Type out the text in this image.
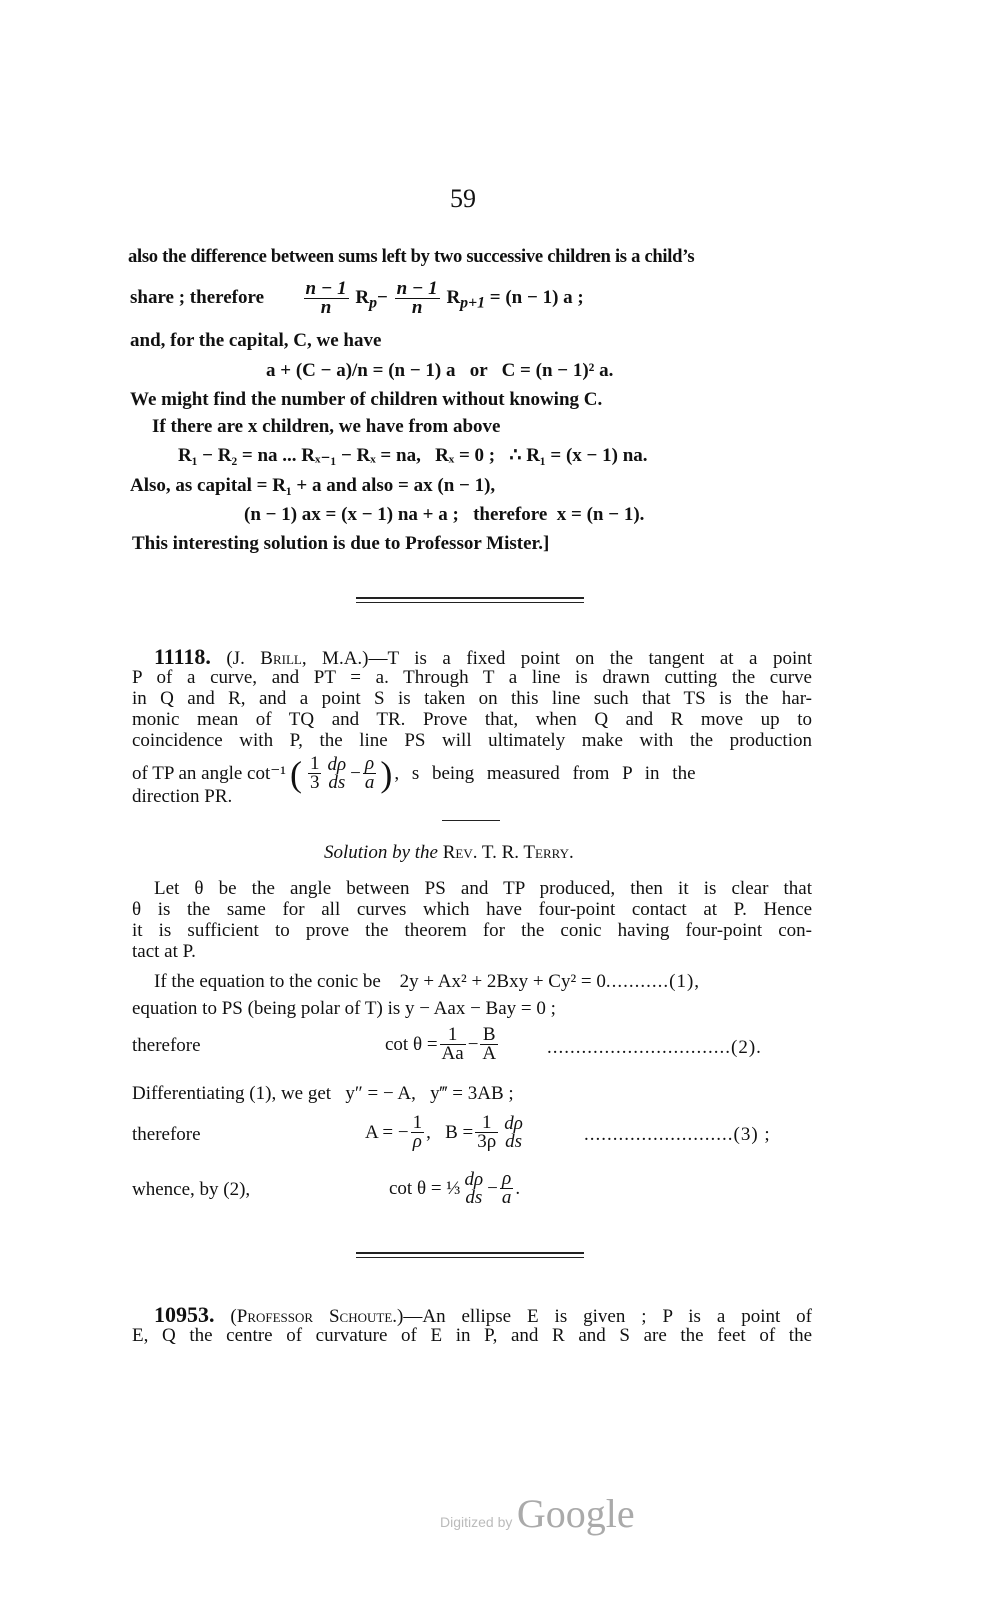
59
also the difference between sums left by two successive children is a child’s
share ; therefore $\frac{n - 1}{n} R_p- \frac{n - 1}{n} R_{p+1} = (n - 1)$ a ;
and, for the capital, C, we have
a + (C − a)/n = (n − 1) a   or   C = (n − 1)² a.
We might find the number of children without knowing C.
If there are x children, we have from above
R₁ − R₂ = na ... Rₓ₋₁ − Rₓ = na,   Rₓ = 0 ;   ∴ R₁ = (x − 1) na.
Also, as capital = R₁ + a and also = ax (n − 1),
(n − 1) ax = (x − 1) na + a ;   therefore  x = (n − 1).
This interesting solution is due to Professor Mister.]
11118. (J. Brill, M.A.)—T is a fixed point on the tangent at a point
P of a curve, and PT = a. Through T a line is drawn cutting the curve
in Q and R, and a point S is taken on this line such that TS is the har-
monic mean of TQ and TR. Prove that, when Q and R move up to
coincidence with P, the line PS will ultimately make with the production
of TP an angle cot⁻¹ ( $\frac{1}{3}$ dρ
ds − $\frac{\rho}{a}$ ) , s being measured from P in the
direction PR.
Solution by the Rev. T. R. Terry.
Let θ be the angle between PS and TP produced, then it is clear that
θ is the same for all curves which have four-point contact at P. Hence
it is sufficient to prove the theorem for the conic having four-point con-
tact at P.
If the equation to the conic be 2y + Ax² + 2Bxy + Cy² = 0...........(1),
equation to PS (being polar of T) is y − Aax − Bay = 0 ;
therefore	$\cot \theta = \frac{1}{Aa} - \frac{B}{A}$	................................(2).
Differentiating (1), we get   y″ = − A,   y‴ = 3AB ;
therefore	A = − $\frac{1}{\rho}$ ,   $B = \frac{1}{3\rho}$ dρ
ds	..........................(3) ;
whence, by (2),	cot θ = ⅓ dρ
ds − $\frac{\rho}{a}$ .
10953. (Professor Schoute.)—An ellipse E is given ; P is a point of
E, Q the centre of curvature of E in P, and R and S are the feet of the
Digitized by Google
